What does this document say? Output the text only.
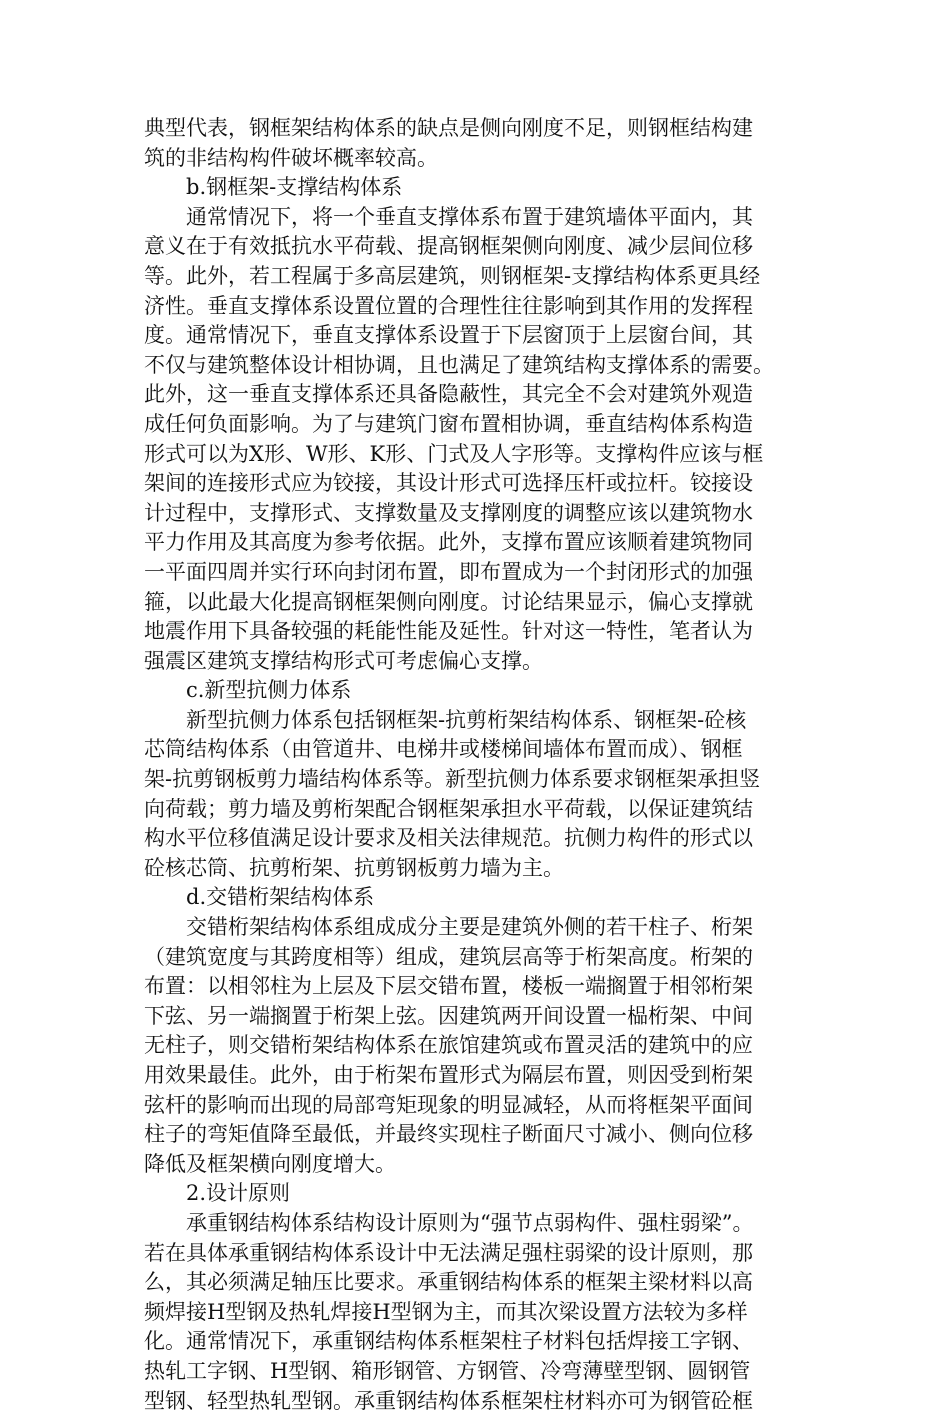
典型代表，钢框架结构体系的缺点是侧向刚度不足，则钢框结构建
筑的非结构构件破坏概率较高。
b.钢框架-支撑结构体系
通常情况下，将一个垂直支撑体系布置于建筑墙体平面内，其
意义在于有效抵抗水平荷载、提高钢框架侧向刚度、减少层间位移
等。此外，若工程属于多高层建筑，则钢框架-支撑结构体系更具经
济性。垂直支撑体系设置位置的合理性往往影响到其作用的发挥程
度。通常情况下，垂直支撑体系设置于下层窗顶于上层窗台间，其
不仅与建筑整体设计相协调，且也满足了建筑结构支撑体系的需要。
此外，这一垂直支撑体系还具备隐蔽性，其完全不会对建筑外观造
成任何负面影响。为了与建筑门窗布置相协调，垂直结构体系构造
形式可以为X形、W形、K形、门式及人字形等。支撑构件应该与框
架间的连接形式应为铰接，其设计形式可选择压杆或拉杆。铰接设
计过程中，支撑形式、支撑数量及支撑刚度的调整应该以建筑物水
平力作用及其高度为参考依据。此外，支撑布置应该顺着建筑物同
一平面四周并实行环向封闭布置，即布置成为一个封闭形式的加强
箍，以此最大化提高钢框架侧向刚度。讨论结果显示，偏心支撑就
地震作用下具备较强的耗能性能及延性。针对这一特性，笔者认为
强震区建筑支撑结构形式可考虑偏心支撑。
c.新型抗侧力体系
新型抗侧力体系包括钢框架-抗剪桁架结构体系、钢框架-砼核
芯筒结构体系（由管道井、电梯井或楼梯间墙体布置而成）、钢框
架-抗剪钢板剪力墙结构体系等。新型抗侧力体系要求钢框架承担竖
向荷载；剪力墙及剪桁架配合钢框架承担水平荷载，以保证建筑结
构水平位移值满足设计要求及相关法律规范。抗侧力构件的形式以
砼核芯筒、抗剪桁架、抗剪钢板剪力墙为主。
d.交错桁架结构体系
交错桁架结构体系组成成分主要是建筑外侧的若干柱子、桁架
（建筑宽度与其跨度相等）组成，建筑层高等于桁架高度。桁架的
布置：以相邻柱为上层及下层交错布置，楼板一端搁置于相邻桁架
下弦、另一端搁置于桁架上弦。因建筑两开间设置一榀桁架、中间
无柱子，则交错桁架结构体系在旅馆建筑或布置灵活的建筑中的应
用效果最佳。此外，由于桁架布置形式为隔层布置，则因受到桁架
弦杆的影响而出现的局部弯矩现象的明显减轻，从而将框架平面间
柱子的弯矩值降至最低，并最终实现柱子断面尺寸减小、侧向位移
降低及框架横向刚度增大。
2.设计原则
承重钢结构体系结构设计原则为“强节点弱构件、强柱弱梁”。
若在具体承重钢结构体系设计中无法满足强柱弱梁的设计原则，那
么，其必须满足轴压比要求。承重钢结构体系的框架主梁材料以高
频焊接H型钢及热轧焊接H型钢为主，而其次梁设置方法较为多样
化。通常情况下，承重钢结构体系框架柱子材料包括焊接工字钢、
热轧工字钢、H型钢、箱形钢管、方钢管、冷弯薄壁型钢、圆钢管
型钢、轻型热轧型钢。承重钢结构体系框架柱材料亦可为钢管砼框
